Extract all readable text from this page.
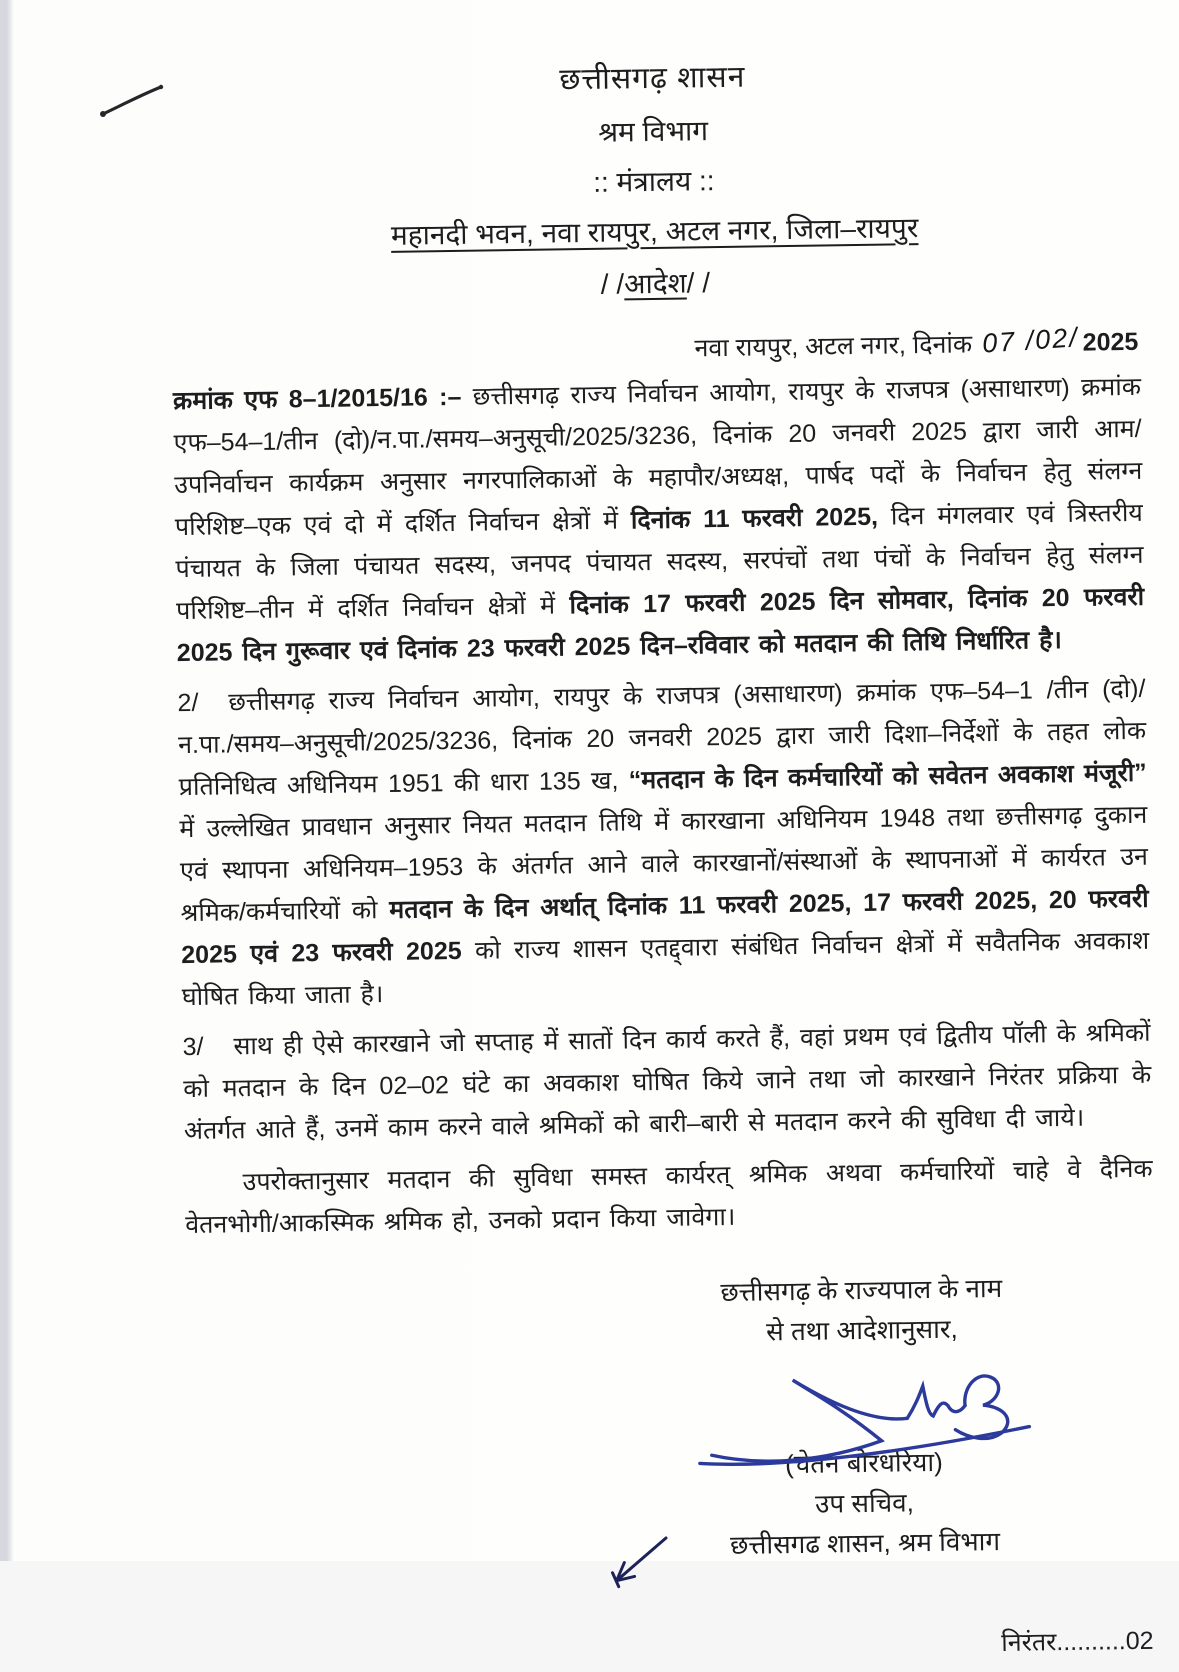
छत्तीसगढ़ शासन
श्रम विभाग
:: मंत्रालय ::
महानदी भवन, नवा रायपुर, अटल नगर, जिला–रायपुर
/ /आदेश/ /
नवा रायपुर, अटल नगर, दिनांक 07 /02/ 2025

क्रमांक एफ 8–1/2015/16 :– छत्तीसगढ़ राज्य निर्वाचन आयोग, रायपुर के राजपत्र (असाधारण) क्रमांक एफ–54–1/तीन (दो)/न.पा./समय–अनुसूची/2025/3236, दिनांक 20 जनवरी 2025 द्वारा जारी आम/उपनिर्वाचन कार्यक्रम अनुसार नगरपालिकाओं के महापौर/अध्यक्ष, पार्षद पदों के निर्वाचन हेतु संलग्न परिशिष्ट–एक एवं दो में दर्शित निर्वाचन क्षेत्रों में दिनांक 11 फरवरी 2025, दिन मंगलवार एवं त्रिस्तरीय पंचायत के जिला पंचायत सदस्य, जनपद पंचायत सदस्य, सरपंचों तथा पंचों के निर्वाचन हेतु संलग्न परिशिष्ट–तीन में दर्शित निर्वाचन क्षेत्रों में दिनांक 17 फरवरी 2025 दिन सोमवार, दिनांक 20 फरवरी 2025 दिन गुरूवार एवं दिनांक 23 फरवरी 2025 दिन–रविवार को मतदान की तिथि निर्धारित है।

2/ छत्तीसगढ़ राज्य निर्वाचन आयोग, रायपुर के राजपत्र (असाधारण) क्रमांक एफ–54–1 /तीन (दो)/न.पा./समय–अनुसूची/2025/3236, दिनांक 20 जनवरी 2025 द्वारा जारी दिशा–निर्देशों के तहत लोक प्रतिनिधित्व अधिनियम 1951 की धारा 135 ख, “मतदान के दिन कर्मचारियों को सवेतन अवकाश मंजूरी” में उल्लेखित प्रावधान अनुसार नियत मतदान तिथि में कारखाना अधिनियम 1948 तथा छत्तीसगढ़ दुकान एवं स्थापना अधिनियम–1953 के अंतर्गत आने वाले कारखानों/संस्थाओं के स्थापनाओं में कार्यरत उन श्रमिक/कर्मचारियों को मतदान के दिन अर्थात् दिनांक 11 फरवरी 2025, 17 फरवरी 2025, 20 फरवरी 2025 एवं 23 फरवरी 2025 को राज्य शासन एतद्द्वारा संबंधित निर्वाचन क्षेत्रों में सवैतनिक अवकाश घोषित किया जाता है।

3/ साथ ही ऐसे कारखाने जो सप्ताह में सातों दिन कार्य करते हैं, वहां प्रथम एवं द्वितीय पॉली के श्रमिकों को मतदान के दिन 02–02 घंटे का अवकाश घोषित किये जाने तथा जो कारखाने निरंतर प्रक्रिया के अंतर्गत आते हैं, उनमें काम करने वाले श्रमिकों को बारी–बारी से मतदान करने की सुविधा दी जाये।

उपरोक्तानुसार मतदान की सुविधा समस्त कार्यरत् श्रमिक अथवा कर्मचारियों चाहे वे दैनिक वेतनभोगी/आकस्मिक श्रमिक हो, उनको प्रदान किया जावेगा।

छत्तीसगढ़ के राज्यपाल के नाम
से तथा आदेशानुसार,
(चेतन बोरधरिया)
उप सचिव,
छत्तीसगढ शासन, श्रम विभाग
निरंतर..........02
